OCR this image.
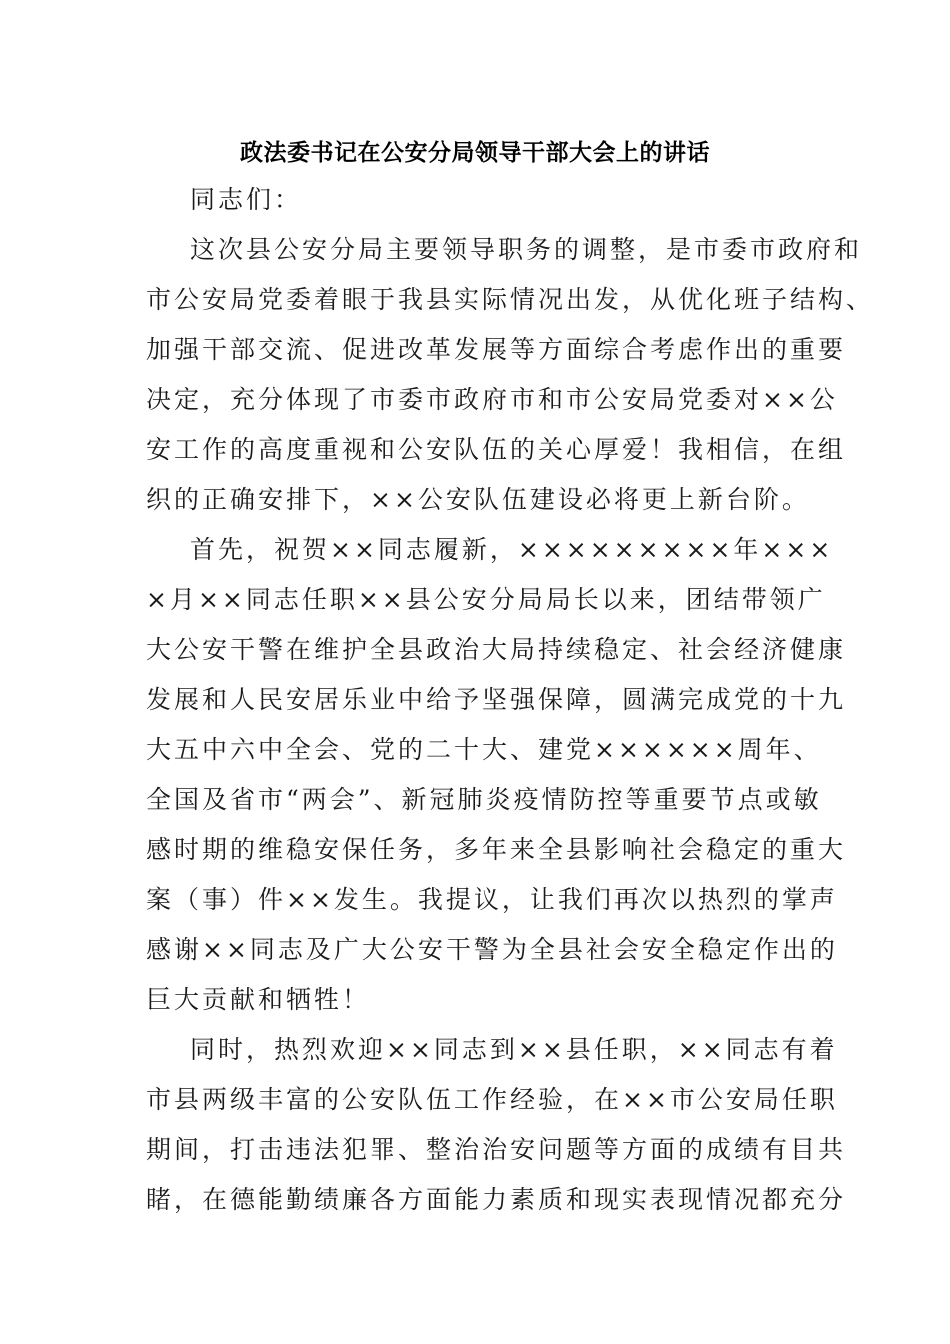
政法委书记在公安分局领导干部大会上的讲话

同志们：

这次县公安分局主要领导职务的调整，是市委市政府和

市公安局党委着眼于我县实际情况出发，从优化班子结构、

加强干部交流、促进改革发展等方面综合考虑作出的重要

决定，充分体现了市委市政府市和市公安局党委对××公

安工作的高度重视和公安队伍的关心厚爱！我相信，在组

织的正确安排下，××公安队伍建设必将更上新台阶。

首先，祝贺××同志履新，×××××××××年×××

×月××同志任职××县公安分局局长以来，团结带领广

大公安干警在维护全县政治大局持续稳定、社会经济健康

发展和人民安居乐业中给予坚强保障，圆满完成党的十九

大五中六中全会、党的二十大、建党××××××周年、

全国及省市“两会”、新冠肺炎疫情防控等重要节点或敏

感时期的维稳安保任务，多年来全县影响社会稳定的重大

案（事）件××发生。我提议，让我们再次以热烈的掌声

感谢××同志及广大公安干警为全县社会安全稳定作出的

巨大贡献和牺牲！

同时，热烈欢迎××同志到××县任职，××同志有着

市县两级丰富的公安队伍工作经验，在××市公安局任职

期间，打击违法犯罪、整治治安问题等方面的成绩有目共

睹，在德能勤绩廉各方面能力素质和现实表现情况都充分
